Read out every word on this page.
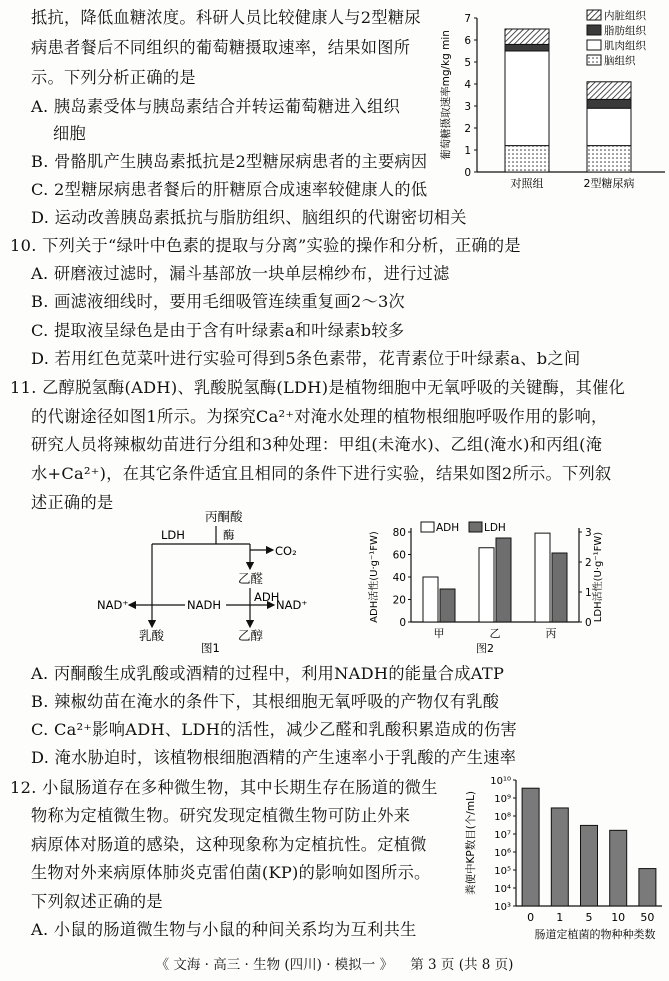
抵抗，降低血糖浓度。科研人员比较健康人与2型糖尿
病患者餐后不同组织的葡萄糖摄取速率，结果如图所
示。下列分析正确的是
A. 胰岛素受体与胰岛素结合并转运葡萄糖进入组织
细胞
B. 骨骼肌产生胰岛素抵抗是2型糖尿病患者的主要病因
C. 2型糖尿病患者餐后的肝糖原合成速率较健康人的低
D. 运动改善胰岛素抵抗与脂肪组织、脑组织的代谢密切相关
0
1
2
3
4
5
6
7
葡萄糖摄取速率mg/kg min
对照组	2型糖尿病
内脏组织
脂肪组织
肌肉组织
脑组织
10. 下列关于“绿叶中色素的提取与分离”实验的操作和分析，正确的是
A. 研磨液过滤时，漏斗基部放一块单层棉纱布，进行过滤
B. 画滤液细线时，要用毛细吸管连续重复画2～3次
C. 提取液呈绿色是由于含有叶绿素a和叶绿素b较多
D. 若用红色苋菜叶进行实验可得到5条色素带，花青素位于叶绿素a、b之间
11. 乙醇脱氢酶(ADH)、乳酸脱氢酶(LDH)是植物细胞中无氧呼吸的关键酶，其催化
的代谢途径如图1所示。为探究Ca²⁺对淹水处理的植物根细胞呼吸作用的影响，
研究人员将辣椒幼苗进行分组和3种处理：甲组(未淹水)、乙组(淹水)和丙组(淹
水+Ca²⁺)，在其它条件适宜且相同的条件下进行实验，结果如图2所示。下列叙
述正确的是
丙酮酸
LDH	酶
CO₂
乙醛
ADH
NADH
NAD⁺	NAD⁺
乳酸	乙醇
图1
0
20
40
60
80
0
1
2
3
ADH活性(U·g⁻¹FW)	LDH活性(U·g⁻¹FW)
甲	乙	丙
ADH LDH
图2
A. 丙酮酸生成乳酸或酒精的过程中，利用NADH的能量合成ATP
B. 辣椒幼苗在淹水的条件下，其根细胞无氧呼吸的产物仅有乳酸
C. Ca²⁺影响ADH、LDH的活性，减少乙醛和乳酸积累造成的伤害
D. 淹水胁迫时，该植物根细胞酒精的产生速率小于乳酸的产生速率
12. 小鼠肠道存在多种微生物，其中长期生存在肠道的微生
物称为定植微生物。研究发现定植微生物可防止外来
病原体对肠道的感染，这种现象称为定植抗性。定植微
生物对外来病原体肺炎克雷伯菌(KP)的影响如图所示。
下列叙述正确的是
A. 小鼠的肠道微生物与小鼠的种间关系均为互利共生
10³
10⁴
10⁵
10⁶
10⁷
10⁸
10⁹
10¹⁰
粪便中KP数目(个/mL)
0 1 5 10 50
肠道定植菌的物种种类数
《 文海 · 高三 · 生物 (四川) · 模拟一 》    第 3 页 (共 8 页)
